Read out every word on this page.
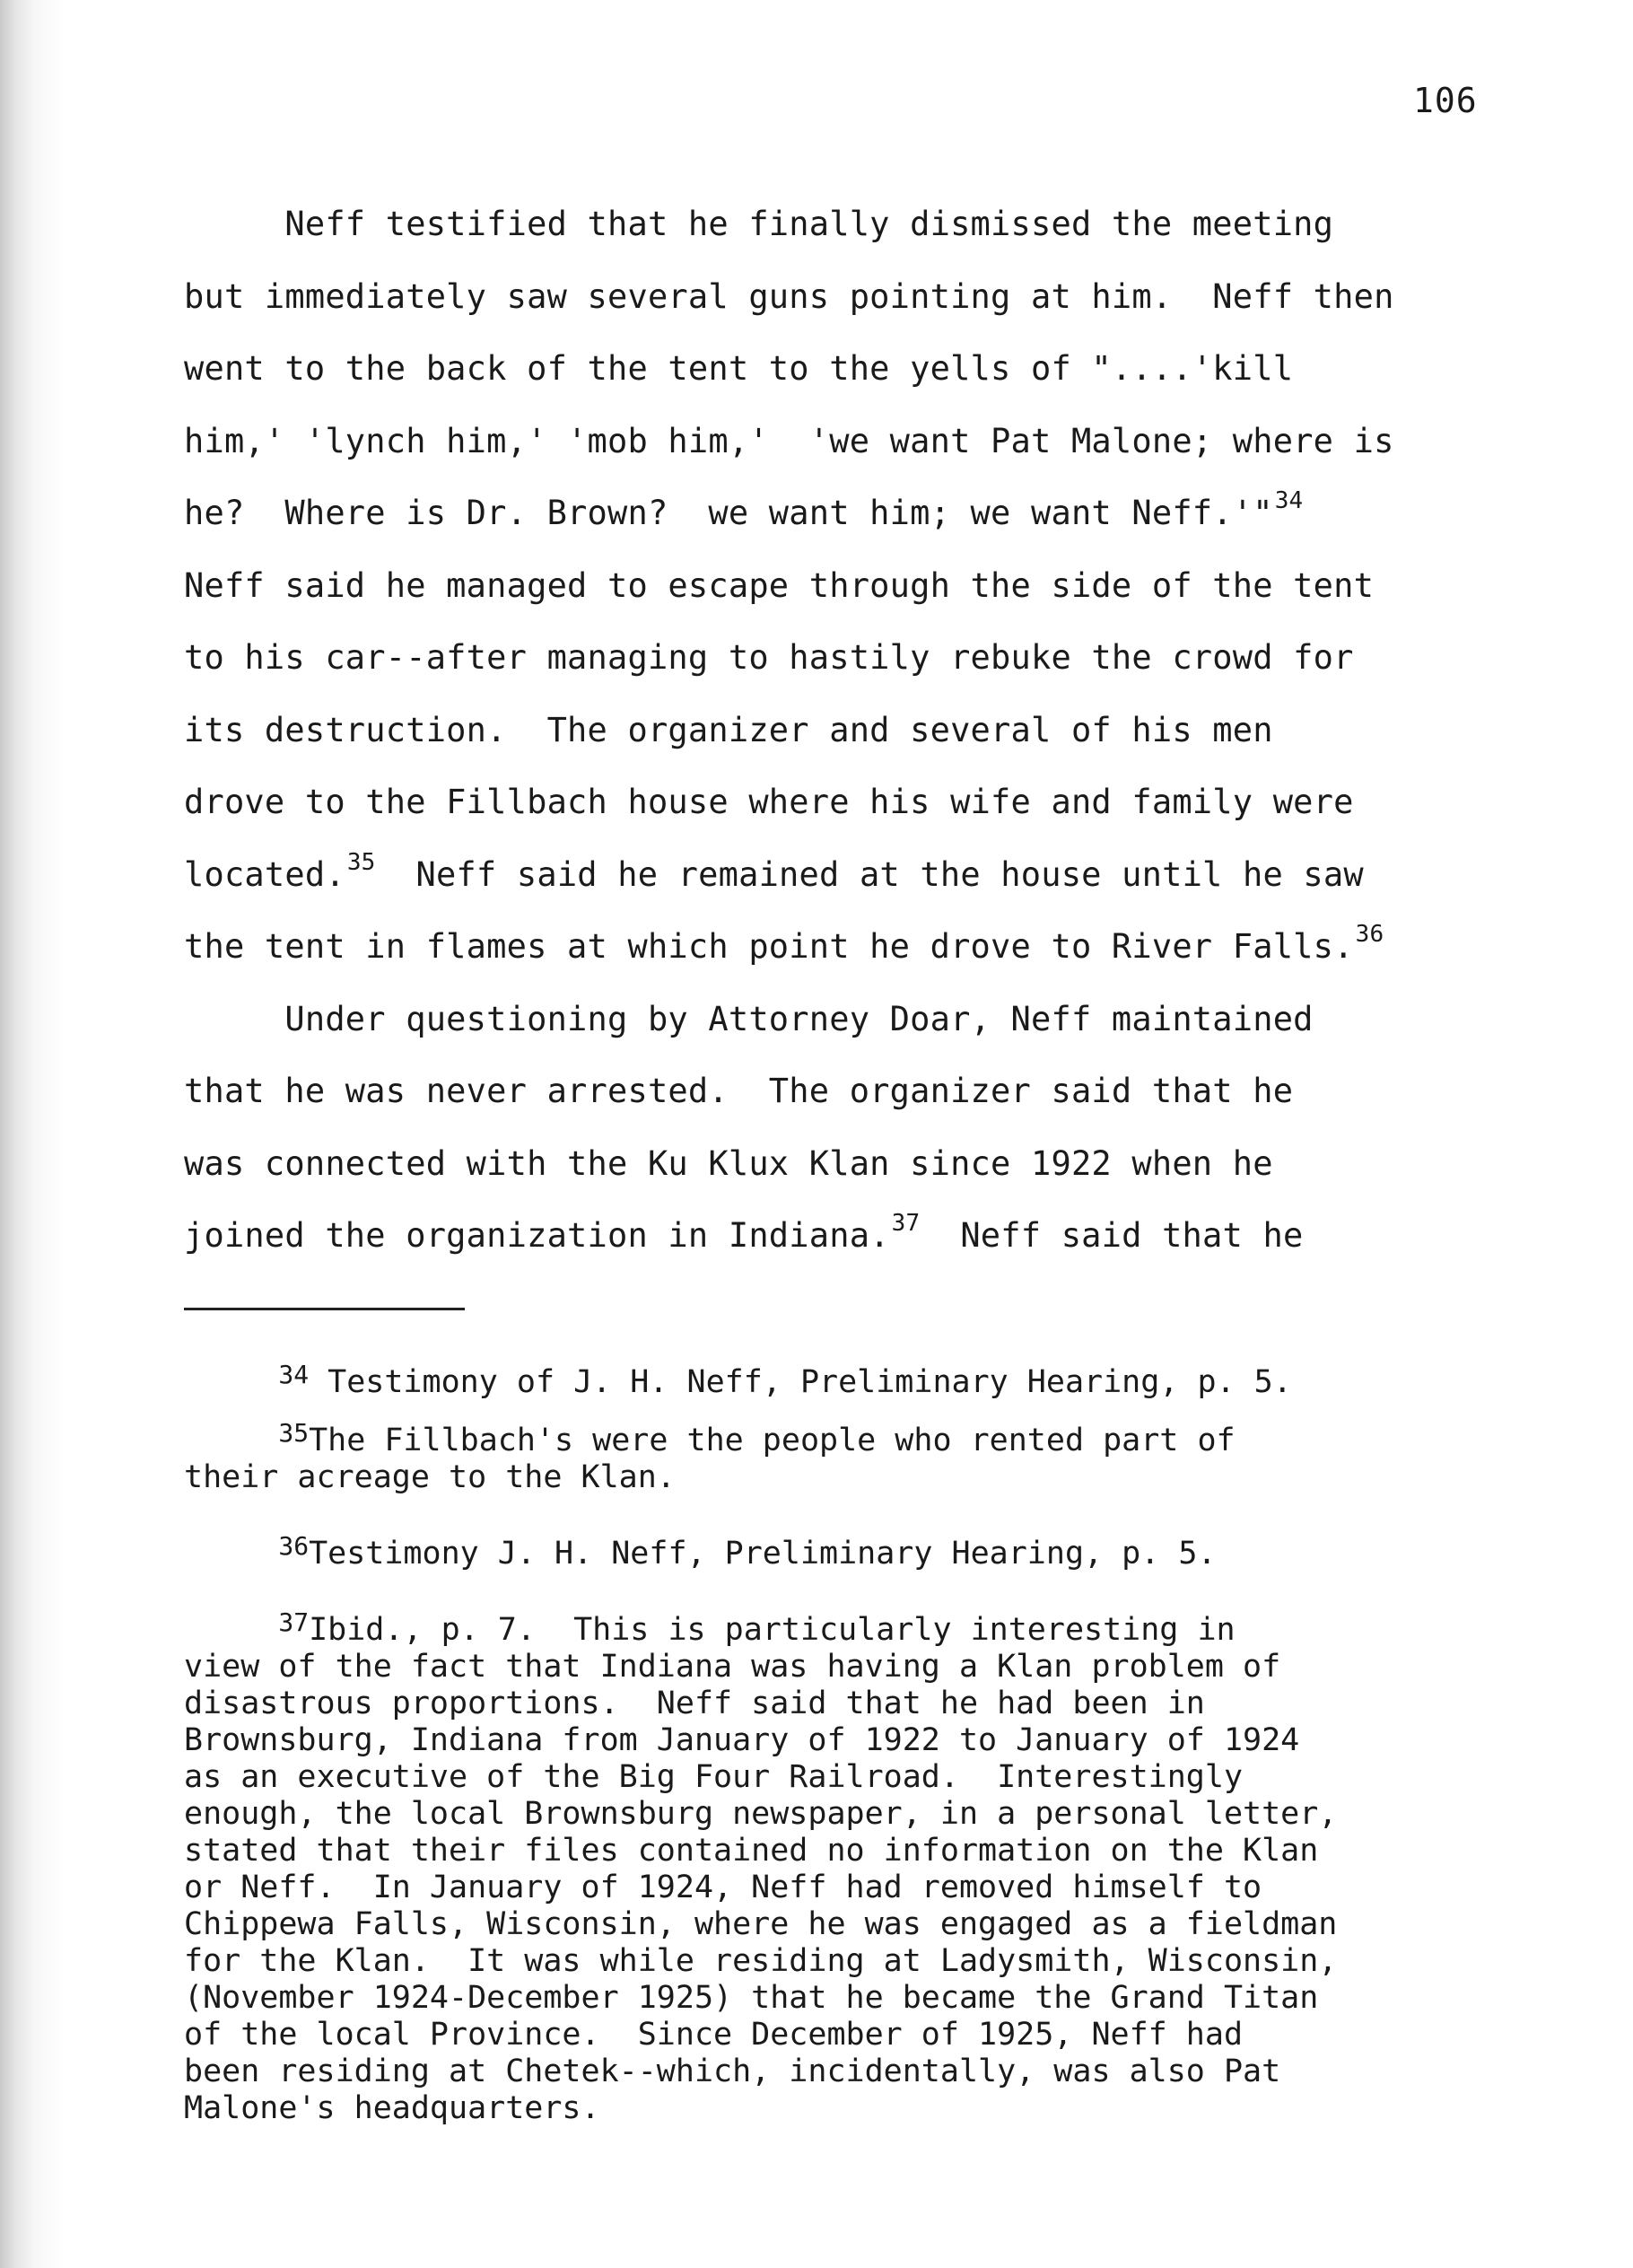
106
Neff testified that he finally dismissed the meeting
but immediately saw several guns pointing at him.  Neff then
went to the back of the tent to the yells of "....'kill
him,' 'lynch him,' 'mob him,'  'we want Pat Malone; where is
he?  Where is Dr. Brown?  we want him; we want Neff.'"$^{34}$
Neff said he managed to escape through the side of the tent
to his car--after managing to hastily rebuke the crowd for
its destruction.  The organizer and several of his men
drove to the Fillbach house where his wife and family were
located.$^{35}$  Neff said he remained at the house until he saw
the tent in flames at which point he drove to River Falls.$^{36}$
Under questioning by Attorney Doar, Neff maintained
that he was never arrested.  The organizer said that he
was connected with the Ku Klux Klan since 1922 when he
joined the organization in Indiana.$^{37}$  Neff said that he
$^{34}$ Testimony of J. H. Neff, Preliminary Hearing, p. 5.
$^{35}$The Fillbach's were the people who rented part of
their acreage to the Klan.
$^{36}$Testimony J. H. Neff, Preliminary Hearing, p. 5.
$^{37}$Ibid., p. 7.  This is particularly interesting in
view of the fact that Indiana was having a Klan problem of
disastrous proportions.  Neff said that he had been in
Brownsburg, Indiana from January of 1922 to January of 1924
as an executive of the Big Four Railroad.  Interestingly
enough, the local Brownsburg newspaper, in a personal letter,
stated that their files contained no information on the Klan
or Neff.  In January of 1924, Neff had removed himself to
Chippewa Falls, Wisconsin, where he was engaged as a fieldman
for the Klan.  It was while residing at Ladysmith, Wisconsin,
(November 1924-December 1925) that he became the Grand Titan
of the local Province.  Since December of 1925, Neff had
been residing at Chetek--which, incidentally, was also Pat
Malone's headquarters.
